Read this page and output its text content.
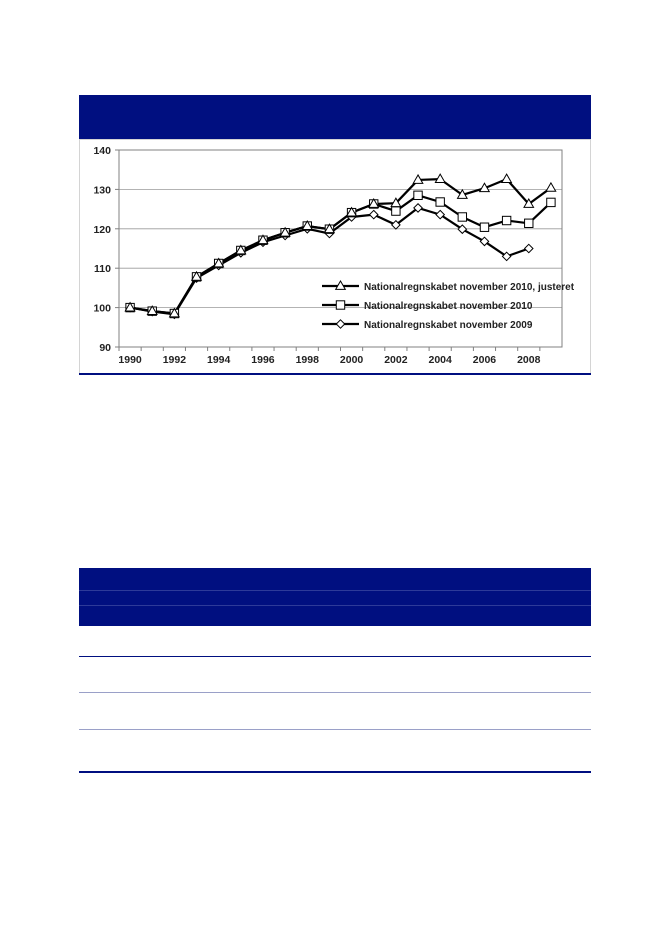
90
100
110
120
130
140
1990 1992 1994 1996 1998 2000 2002 2004 2006 2008
Nationalregnskabet november 2010, justeret
Nationalregnskabet november 2010
Nationalregnskabet november 2009
